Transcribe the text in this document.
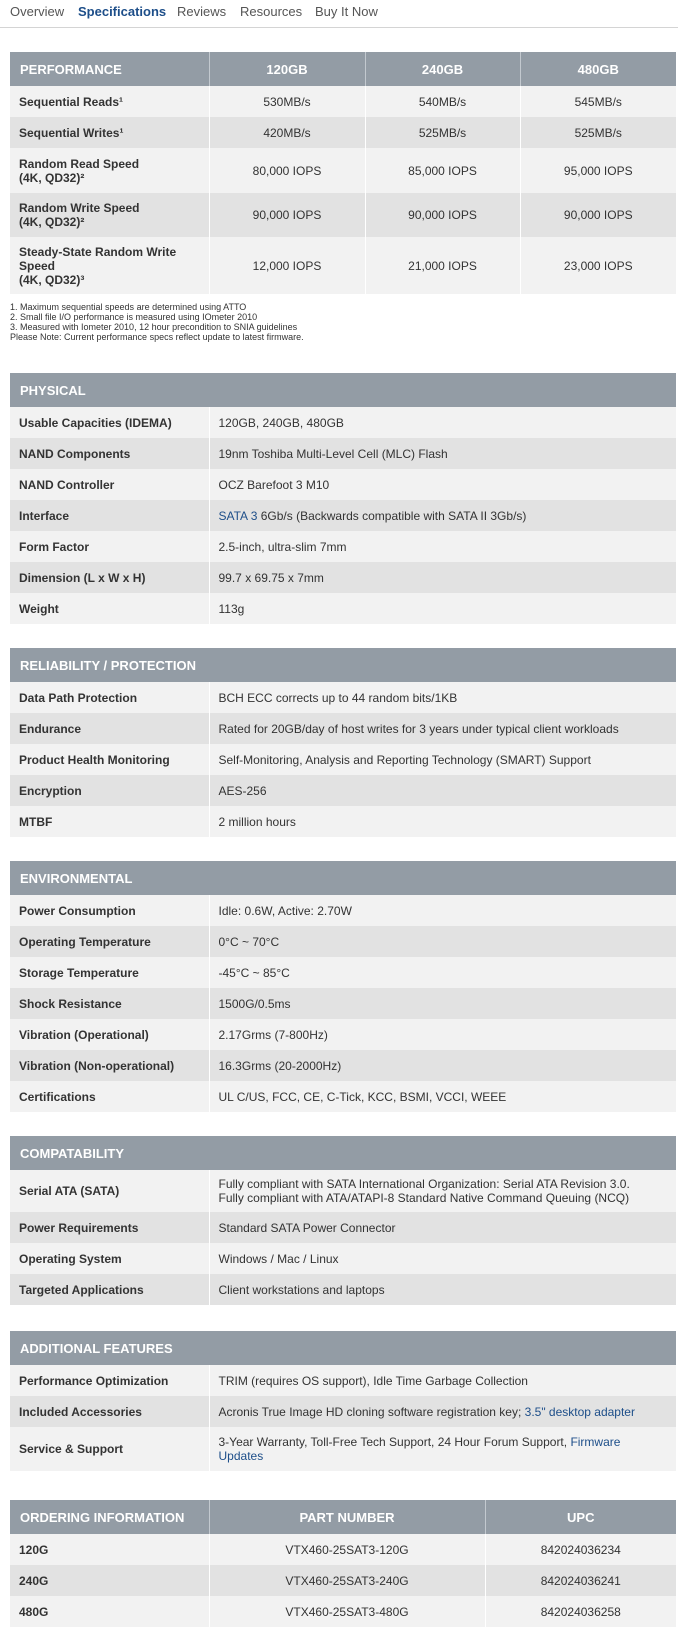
Overview Specifications Reviews Resources Buy It Now
PERFORMANCE	120GB	240GB	480GB
Sequential Reads¹	530MB/s	540MB/s	545MB/s
Sequential Writes¹	420MB/s	525MB/s	525MB/s
Random Read Speed
(4K, QD32)²	80,000 IOPS	85,000 IOPS	95,000 IOPS
Random Write Speed
(4K, QD32)²	90,000 IOPS	90,000 IOPS	90,000 IOPS
Steady-State Random Write Speed
(4K, QD32)³	12,000 IOPS	21,000 IOPS	23,000 IOPS
1. Maximum sequential speeds are determined using ATTO
2. Small file I/O performance is measured using IOmeter 2010
3. Measured with Iometer 2010, 12 hour precondition to SNIA guidelines
Please Note: Current performance specs reflect update to latest firmware.
PHYSICAL	
Usable Capacities (IDEMA)	120GB, 240GB, 480GB
NAND Components	19nm Toshiba Multi-Level Cell (MLC) Flash
NAND Controller	OCZ Barefoot 3 M10
Interface	SATA 3 6Gb/s (Backwards compatible with SATA II 3Gb/s)
Form Factor	2.5-inch, ultra-slim 7mm
Dimension (L x W x H)	99.7 x 69.75 x 7mm
Weight	113g
RELIABILITY / PROTECTION	
Data Path Protection	BCH ECC corrects up to 44 random bits/1KB
Endurance	Rated for 20GB/day of host writes for 3 years under typical client workloads
Product Health Monitoring	Self-Monitoring, Analysis and Reporting Technology (SMART) Support
Encryption	AES-256
MTBF	2 million hours
ENVIRONMENTAL	
Power Consumption	Idle: 0.6W, Active: 2.70W
Operating Temperature	0°C ~ 70°C
Storage Temperature	-45°C ~ 85°C
Shock Resistance	1500G/0.5ms
Vibration (Operational)	2.17Grms (7-800Hz)
Vibration (Non-operational)	16.3Grms (20-2000Hz)
Certifications	UL C/US, FCC, CE, C-Tick, KCC, BSMI, VCCI, WEEE
COMPATABILITY	
Serial ATA (SATA)	Fully compliant with SATA International Organization: Serial ATA Revision 3.0.
Fully compliant with ATA/ATAPI-8 Standard Native Command Queuing (NCQ)
Power Requirements	Standard SATA Power Connector
Operating System	Windows / Mac / Linux
Targeted Applications	Client workstations and laptops
ADDITIONAL FEATURES	
Performance Optimization	TRIM (requires OS support), Idle Time Garbage Collection
Included Accessories	Acronis True Image HD cloning software registration key; 3.5" desktop adapter
Service & Support	3-Year Warranty, Toll-Free Tech Support, 24 Hour Forum Support, Firmware Updates
ORDERING INFORMATION	PART NUMBER	UPC
120G	VTX460-25SAT3-120G	842024036234
240G	VTX460-25SAT3-240G	842024036241
480G	VTX460-25SAT3-480G	842024036258
